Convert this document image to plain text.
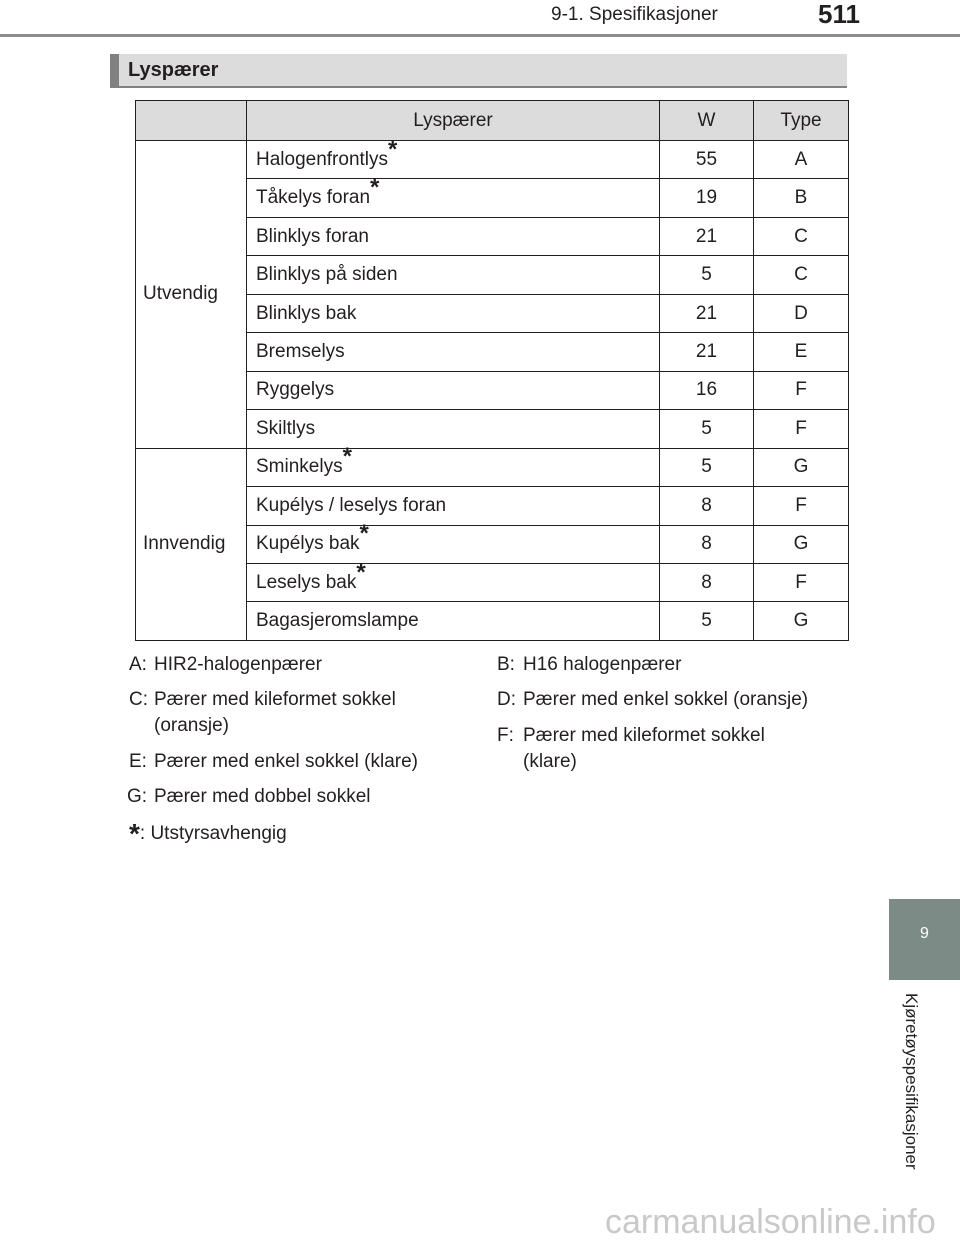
9-1. Spesifikasjoner	511
Lyspærer
	Lyspærer	W	Type
Utvendig	Halogenfrontlys*	55	A
	Tåkelys foran*	19	B
	Blinklys foran	21	C
	Blinklys på siden	5	C
	Blinklys bak	21	D
	Bremselys	21	E
	Ryggelys	16	F
	Skiltlys	5	F
Innvendig	Sminkelys*	5	G
	Kupélys / leselys foran	8	F
	Kupélys bak*	8	G
	Leselys bak*	8	F
	Bagasjeromslampe	5	G
A: HIR2-halogenpærer	B: H16 halogenpærer
C: Pærer med kileformet sokkel (oransje)
D: Pærer med enkel sokkel (oransje)
E: Pærer med enkel sokkel (klare)
F: Pærer med kileformet sokkel (klare)
G: Pærer med dobbel sokkel
*: Utstyrsavhengig
9
Kjøretøyspesifikasjoner
carmanualsonline.info
